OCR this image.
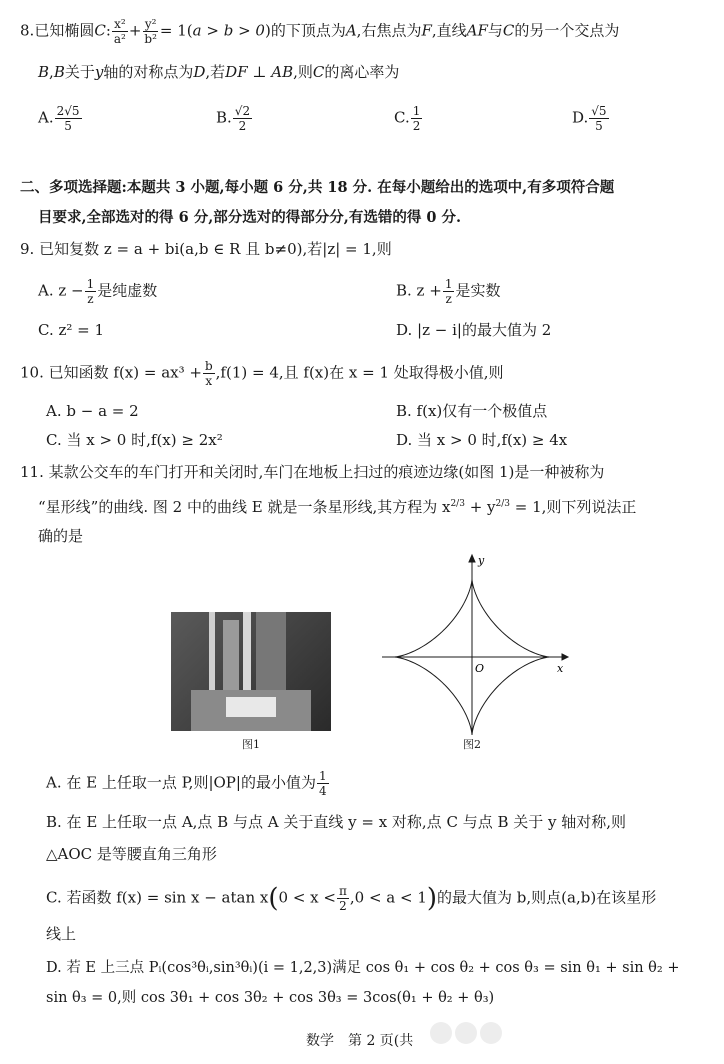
8.已知椭圆C: $\frac{\text{x²}}{\text{a²}} + \frac{\text{y²}}{\text{b²}} = 1(a > b > 0)$的下顶点为A,右焦点为F,直线AF与C的另一个交点为
B,B关于y轴的对称点为D,若DF ⊥ AB,则C的离心率为
A. $\frac{2√5}{5}$	B. $\frac{√2}{2}$	C. $\frac{1}{2}$	D. $\frac{√5}{5}$
二、多项选择题:本题共 3 小题,每小题 6 分,共 18 分. 在每小题给出的选项中,有多项符合题
目要求,全部选对的得 6 分,部分选对的得部分分,有选错的得 0 分.
9. 已知复数 z = a + bi(a,b ∈ R 且 b≠0),若|z| = 1,则
A. $z - \frac{1}{z}$ 是纯虚数	B. $z + \frac{1}{z}$ 是实数
C. z² = 1	D. |z − i|的最大值为 2
10. 已知函数 $f(x) = ax^3 + \frac{b}{x} ,f(1) = 4$,且 f(x)在 x = 1 处取得极小值,则
A. b − a = 2	B. f(x)仅有一个极值点
C. 当 x > 0 时,f(x) ≥ 2x²	D. 当 x > 0 时,f(x) ≥ 4x
11. 某款公交车的车门打开和关闭时,车门在地板上扫过的痕迹边缘(如图 1)是一种被称为
“星形线”的曲线. 图 2 中的曲线 E 就是一条星形线,其方程为 $x^{2/3} + y^{2/3} = 1$,则下列说法正
确的是
图1
y
x
O
图2
A. 在 E 上任取一点 P,则|OP|的最小值为 $\frac{1}{4}$
B. 在 E 上任取一点 A,点 B 与点 A 关于直线 y = x 对称,点 C 与点 B 关于 y 轴对称,则
△AOC 是等腰直角三角形
C. 若函数 f(x) = sin x − atan $x(0 < x < \frac{\pi}{2} ,0 < a < 1)$的最大值为 b,则点(a,b)在该星形
线上
D. 若 E 上三点 Pᵢ(cos³θᵢ,sin³θᵢ)(i = 1,2,3)满足 cos θ₁ + cos θ₂ + cos θ₃ = sin θ₁ + sin θ₂ +
sin θ₃ = 0,则 cos 3θ₁ + cos 3θ₂ + cos 3θ₃ = 3cos(θ₁ + θ₂ + θ₃)
数学　第 2 页(共
